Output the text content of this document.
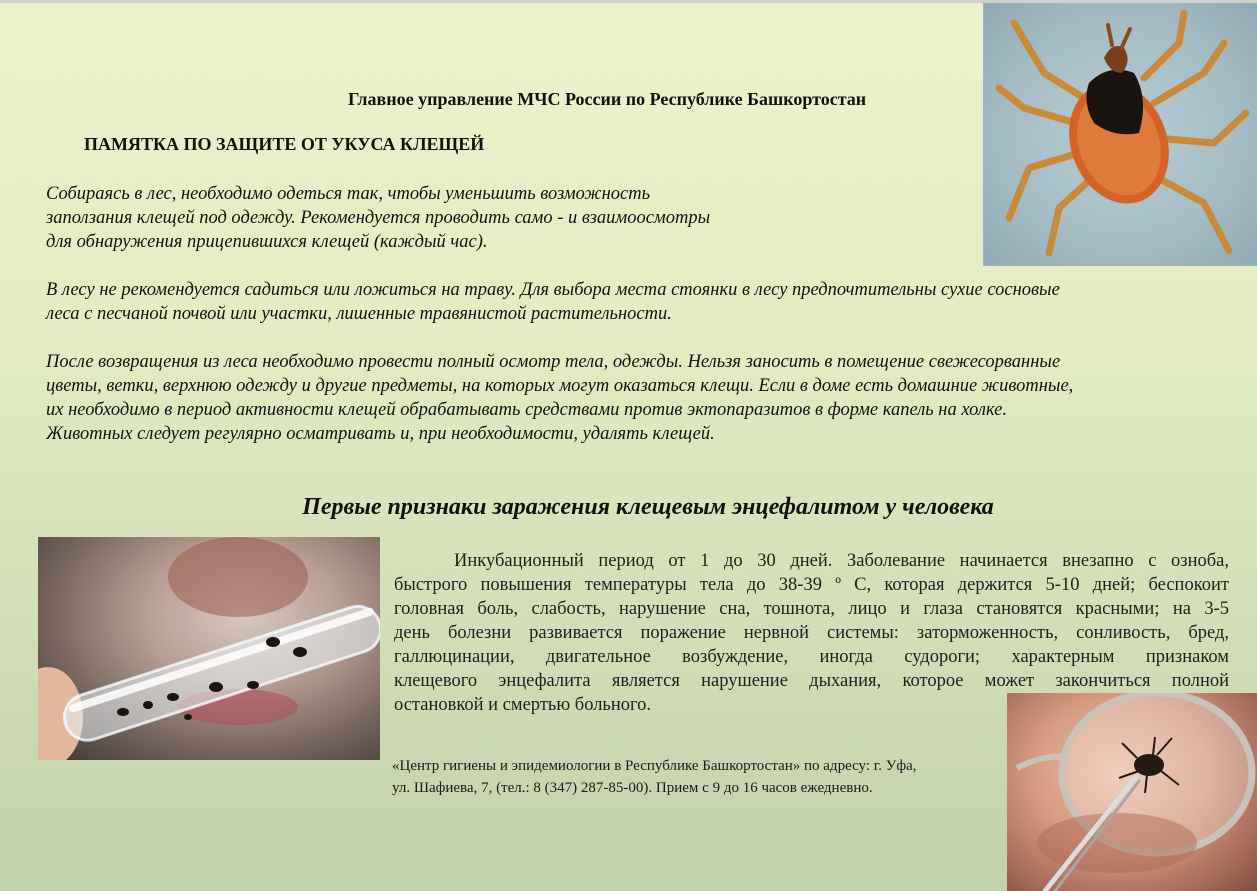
Главное управление МЧС России по Республике Башкортостан
ПАМЯТКА ПО ЗАЩИТЕ ОТ УКУСА КЛЕЩЕЙ
Собираясь в лес, необходимо одеться так, чтобы уменьшить возможность
заползания клещей под одежду. Рекомендуется проводить само - и взаимоосмотры
для обнаружения прицепившихся клещей (каждый час).
В лесу не рекомендуется садиться или ложиться на траву. Для выбора места стоянки в лесу предпочтительны сухие сосновые
леса с песчаной почвой или участки, лишенные травянистой растительности.
После возвращения из леса необходимо провести полный осмотр тела, одежды. Нельзя заносить в помещение свежесорванные
цветы, ветки, верхнюю одежду и другие предметы, на которых могут оказаться клещи. Если в доме есть домашние животные,
их необходимо в период активности клещей обрабатывать средствами против эктопаразитов в форме капель на холке.
Животных следует регулярно осматривать и, при необходимости, удалять клещей.
Первые признаки заражения клещевым энцефалитом у человека
Инкубационный период от 1 до 30 дней. Заболевание начинается внезапно с озноба,
быстрого повышения температуры тела до 38-39 º С, которая держится 5-10 дней; беспокоит
головная боль, слабость, нарушение сна, тошнота, лицо и глаза становятся красными; на 3-5
день болезни развивается поражение нервной системы: заторможенность, сонливость, бред,
галлюцинации, двигательное возбуждение, иногда судороги; характерным признаком
клещевого энцефалита является нарушение дыхания, которое может закончиться полной
остановкой и смертью больного.
«Центр гигиены и эпидемиологии в Республике Башкортостан» по адресу: г. Уфа,
ул. Шафиева, 7, (тел.: 8 (347) 287-85-00). Прием с 9 до 16 часов ежедневно.
